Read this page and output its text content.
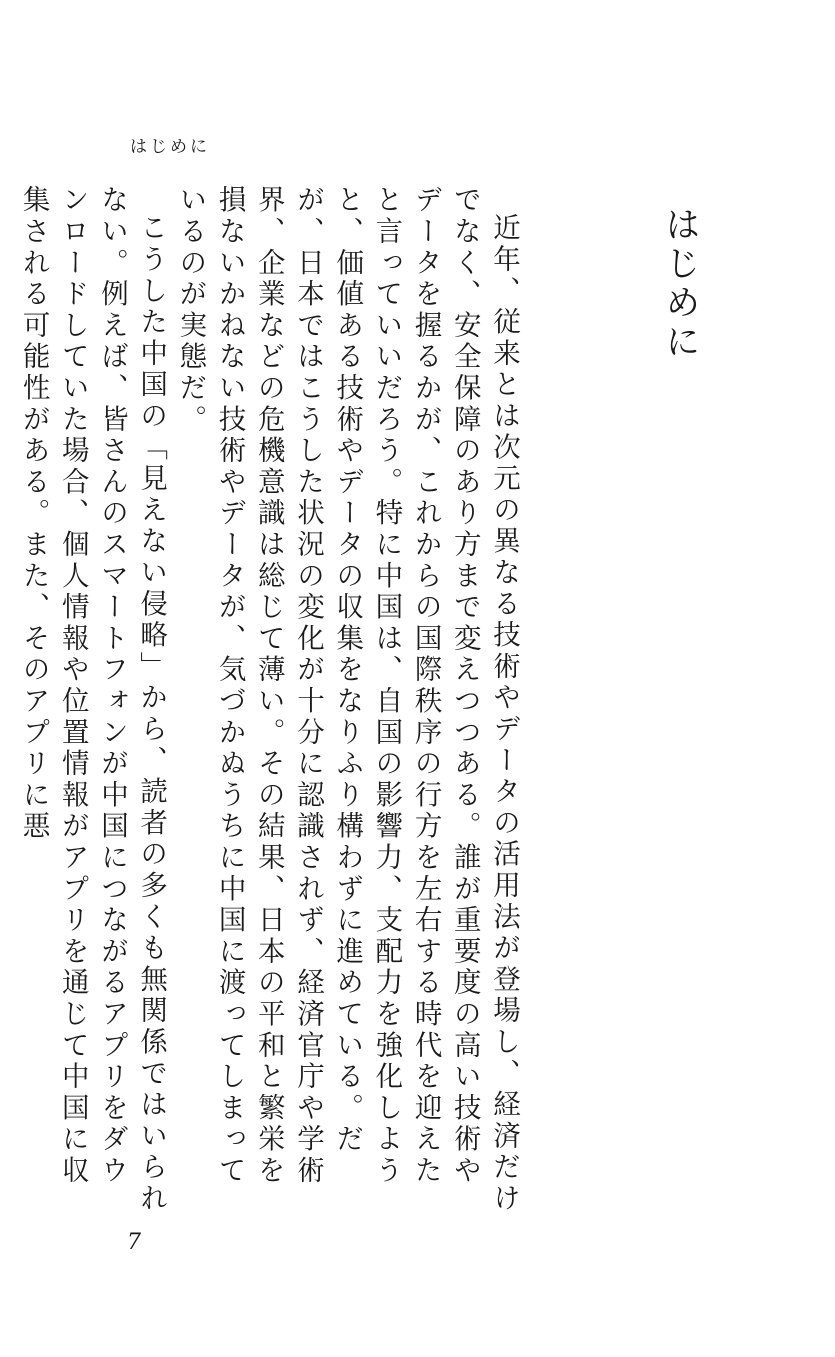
はじめに
はじめに

近年、従来とは次元の異なる技術やデータの活用法が登場し、経済だけでなく、安全保障のあり方まで変えつつある。誰が重要度の高い技術やデータを握るかが、これからの国際秩序の行方を左右する時代を迎えたと言っていいだろう。特に中国は、自国の影響力、支配力を強化しようと、価値ある技術やデータの収集をなりふり構わずに進めている。だが、日本ではこうした状況の変化が十分に認識されず、経済官庁や学術界、企業などの危機意識は総じて薄い。その結果、日本の平和と繁栄を損ないかねない技術やデータが、気づかぬうちに中国に渡ってしまっているのが実態だ。

こうした中国の「見えない侵略」から、読者の多くも無関係ではいられない。例えば、皆さんのスマートフォンが中国につながるアプリをダウンロードしていた場合、個人情報や位置情報がアプリを通じて中国に収集される可能性がある。また、そのアプリに悪

7
